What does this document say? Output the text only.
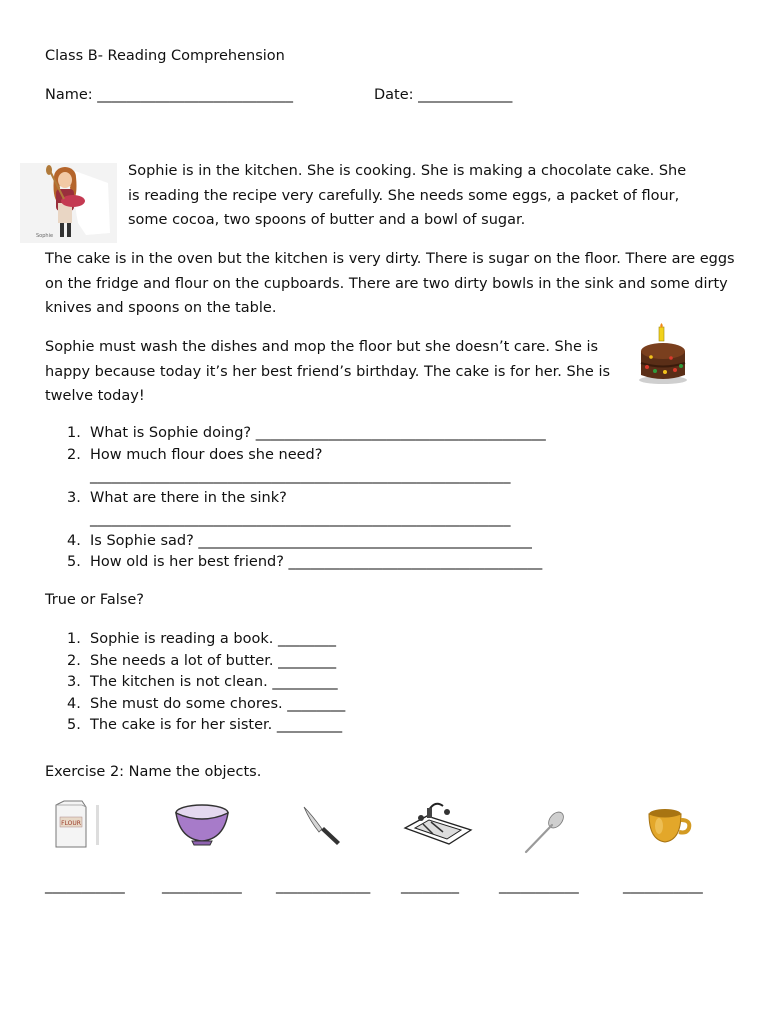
Class B- Reading Comprehension
Name: ___________________________	Date: _____________
Sophie

Sophie is in the kitchen. She is cooking. She is making a chocolate cake. She is reading the recipe very carefully. She needs some eggs, a packet of flour, some cocoa, two spoons of butter and a bowl of sugar.

The cake is in the oven but the kitchen is very dirty. There is sugar on the floor. There are eggs on the fridge and flour on the cupboards. There are two dirty bowls in the sink and some dirty knives and spoons on the table.

Sophie must wash the dishes and mop the floor but she doesn’t care. She is happy because today it’s her best friend’s birthday. The cake is for her. She is twelve today!

1. What is Sophie doing? ________________________________________
2. How much flour does she need?
__________________________________________________________
3. What are there in the sink?
__________________________________________________________
4. Is Sophie sad? ______________________________________________
5. How old is her best friend? ___________________________________
True or False?
1. Sophie is reading a book. ________
2. She needs a lot of butter. ________
3. The kitchen is not clean. _________
4. She must do some chores. ________
5. The cake is for her sister. _________
Exercise 2: Name the objects.
FLOUR
___________	___________ _____________ ________	___________	___________
